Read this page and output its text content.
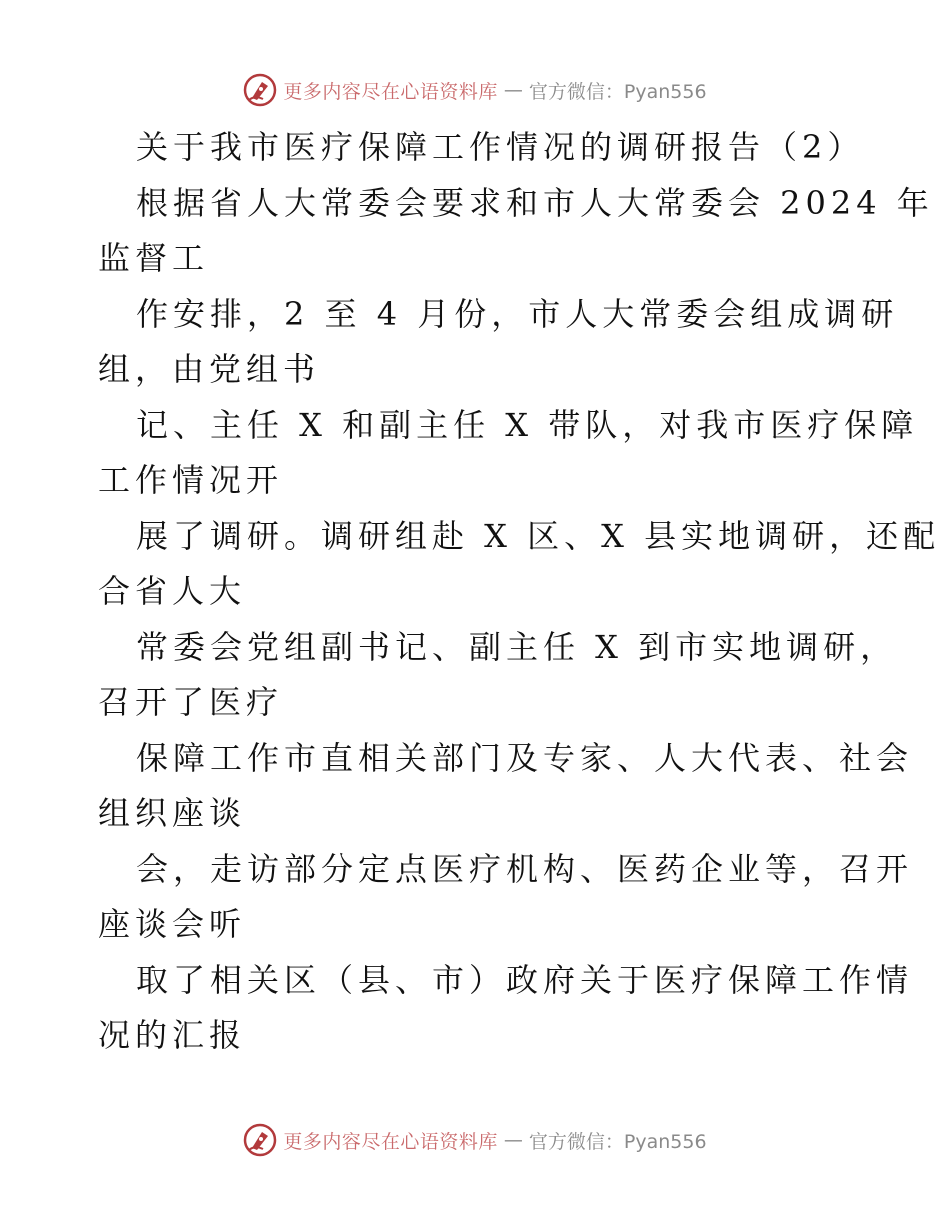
更多内容尽在心语资料库 — 官方微信：Pyan556
关于我市医疗保障工作情况的调研报告（2）
根据省人大常委会要求和市人大常委会 2024 年
监督工
作安排，2 至 4 月份，市人大常委会组成调研
组，由党组书
记、主任 X 和副主任 X 带队，对我市医疗保障
工作情况开
展了调研。调研组赴 X 区、X 县实地调研，还配
合省人大
常委会党组副书记、副主任 X 到市实地调研，
召开了医疗
保障工作市直相关部门及专家、人大代表、社会
组织座谈
会，走访部分定点医疗机构、医药企业等，召开
座谈会听
取了相关区（县、市）政府关于医疗保障工作情
况的汇报
更多内容尽在心语资料库 — 官方微信：Pyan556
